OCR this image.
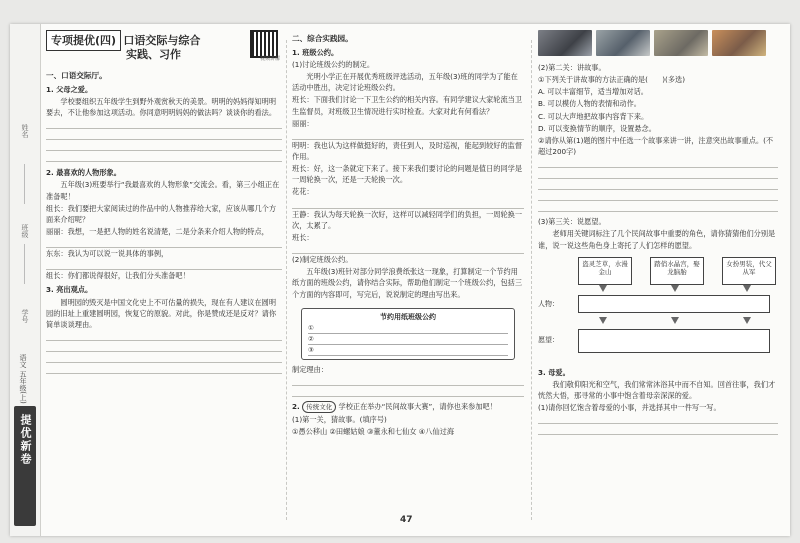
姓名
班级
学号
语文 五年级(上)
提优新卷
专项提优(四) 口语交际与综合
实践、习作	视频讲解
一、口语交际厅。
1. 父母之爱。
学校要组织五年级学生到野外观赏秋天的美景。明明的妈妈得知明明要去，不让他参加这项活动。你同意明明妈妈的做法吗？谈谈你的看法。
2. 最喜欢的人物形象。
五年级(3)班要举行“我最喜欢的人物形象”交流会。看，第三小组正在准备呢！
组长：我们要把大家阅读过的作品中的人物推荐给大家，应该从哪几个方面来介绍呢？
丽丽：我想，一是把人物的姓名说清楚，二是分条来介绍人物的特点，
东东：我认为可以说一说具体的事例，
组长：你们都说得很好，让我们分头准备吧！
3. 亮出观点。
圆明园的毁灭是中国文化史上不可估量的损失，现在有人建议在圆明园的旧址上重建圆明园，恢复它的原貌。对此，你是赞成还是反对？请你简单谈谈理由。
二、综合实践园。
1. 班级公约。
(1)讨论班级公约的制定。
光明小学正在开展优秀班级评选活动，五年级(3)班的同学为了能在活动中胜出，决定讨论班级公约。
班长：下面我们讨论一下卫生公约的相关内容。有同学建议大家轮流当卫生监督员，对班级卫生情况进行实时检查。大家对此有何看法？
丽丽：
明明：我也认为这样做挺好的，责任到人，及时巡视，能起到较好的监督作用。
班长：好，这一条就定下来了。接下来我们要讨论的问题是值日的同学是一周轮换一次，还是一天轮换一次。
花花：
王静：我认为每天轮换一次好，这样可以减轻同学们的负担，一周轮换一次，太累了。
班长：
(2)制定班级公约。
五年级(3)班针对部分同学浪费纸张这一现象，打算制定一个节约用纸方面的班级公约，请你结合实际，帮助他们制定一个班级公约，包括三个方面的内容即可，写完后，说说制定的理由写出来。
节约用纸班级公约
①
②
③
制定理由：
2. 传统文化 学校正在举办“民间故事大赛”，请你也来参加吧！
(1)第一关，猜故事。(填序号)
①愚公移山 ②田螺姑娘 ③董永和七仙女 ④八仙过海
(2)第二关：讲故事。
①下列关于讲故事的方法正确的是(　　)(多选)
A. 可以丰富细节，适当增加对话。
B. 可以模仿人物的表情和动作。
C. 可以大声地把故事内容背下来。
D. 可以变换情节的顺序，设置悬念。
②请你从第(1)题的图片中任选一个故事来讲一讲，注意突出故事重点。(不超过200字)
(3)第三关：说愿望。
老师用关键词标注了几个民间故事中重要的角色，请你猜猜他们分别是谁，说一说这些角色身上寄托了人们怎样的愿望。
盗灵芝草，水漫金山
踏俏水晶宫，娶龙脑胎
女扮男装，代父从军
人物：
愿望：
3. 母爱。
我们敬仰阳光和空气，我们常常沐浴其中而不自知。回首往事，我们才恍然大悟，那寻常的小事中饱含着母亲深深的爱。
(1)请你回忆饱含着母爱的小事，并选择其中一件写一写。
47
